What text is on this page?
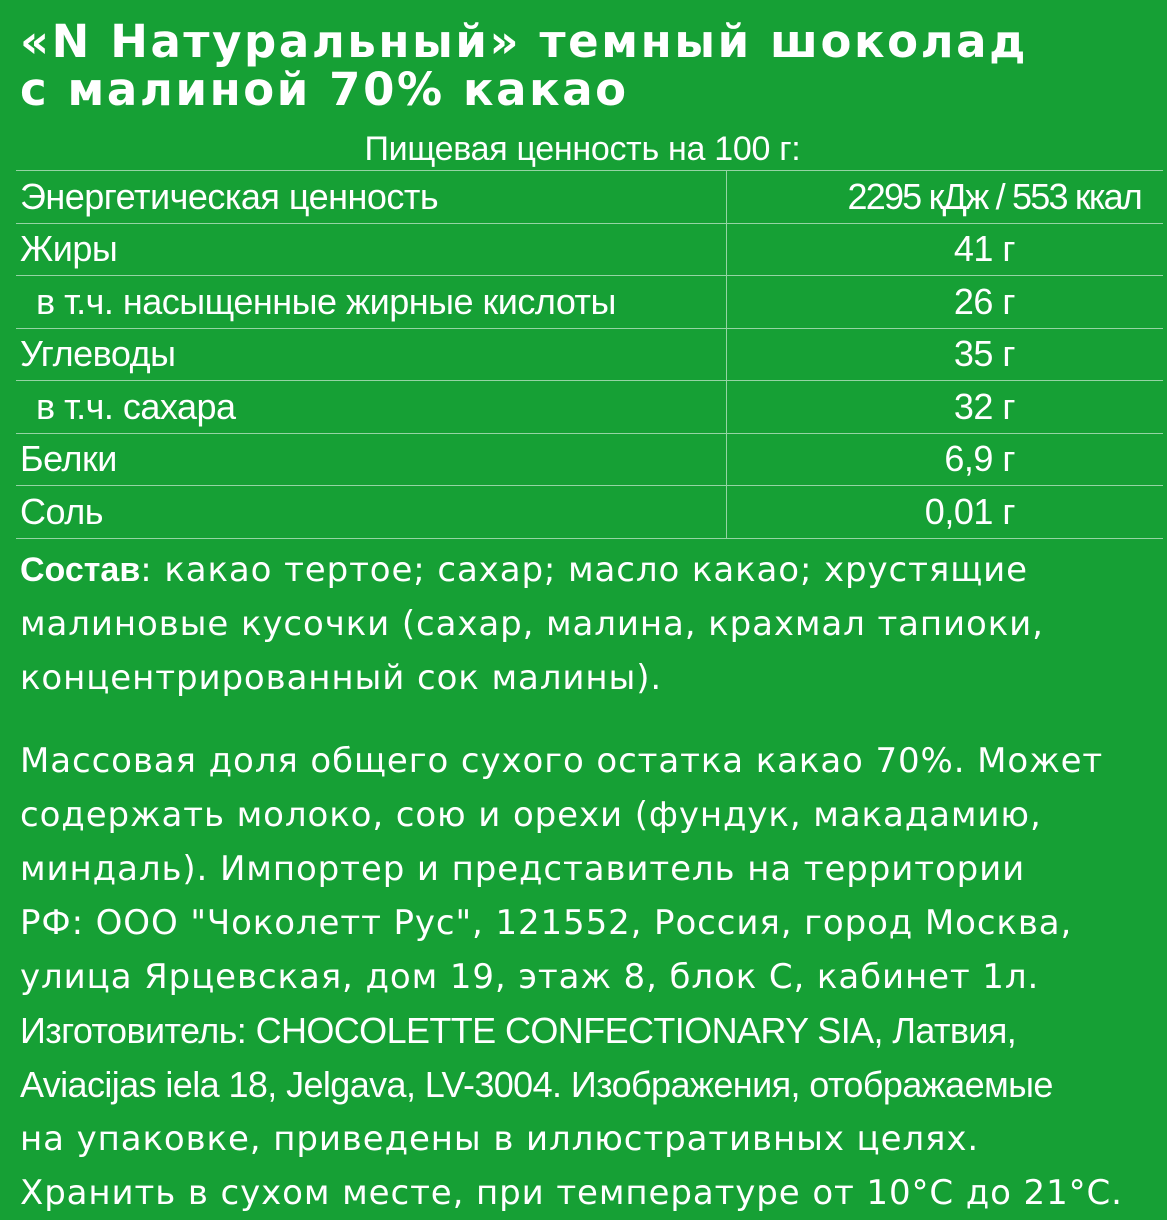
«N Натуральный» темный шоколад
с малиной 70% какао
Пищевая ценность на 100 г:
Энергетическая ценность	2295 кДж / 553 ккал
Жиры	41 г
в т.ч. насыщенные жирные кислоты	26 г
Углеводы	35 г
в т.ч. сахара	32 г
Белки	6,9 г
Соль	0,01 г
Состав: какао тертое; сахар; масло какао; хрустящие
малиновые кусочки (сахар, малина, крахмал тапиоки,
концентрированный сок малины).
Массовая доля общего сухого остатка какао 70%. Может
содержать молоко, сою и орехи (фундук, макадамию,
миндаль). Импортер и представитель на территории
РФ: ООО "Чоколетт Рус", 121552, Россия, город Москва,
улица Ярцевская, дом 19, этаж 8, блок С, кабинет 1л.
Изготовитель: CHOCOLETTE CONFECTIONARY SIA, Латвия,
Aviacijas iela 18, Jelgava, LV-3004. Изображения, отображаемые
на упаковке, приведены в иллюстративных целях.
Хранить в сухом месте, при температуре от 10°C до 21°C.
